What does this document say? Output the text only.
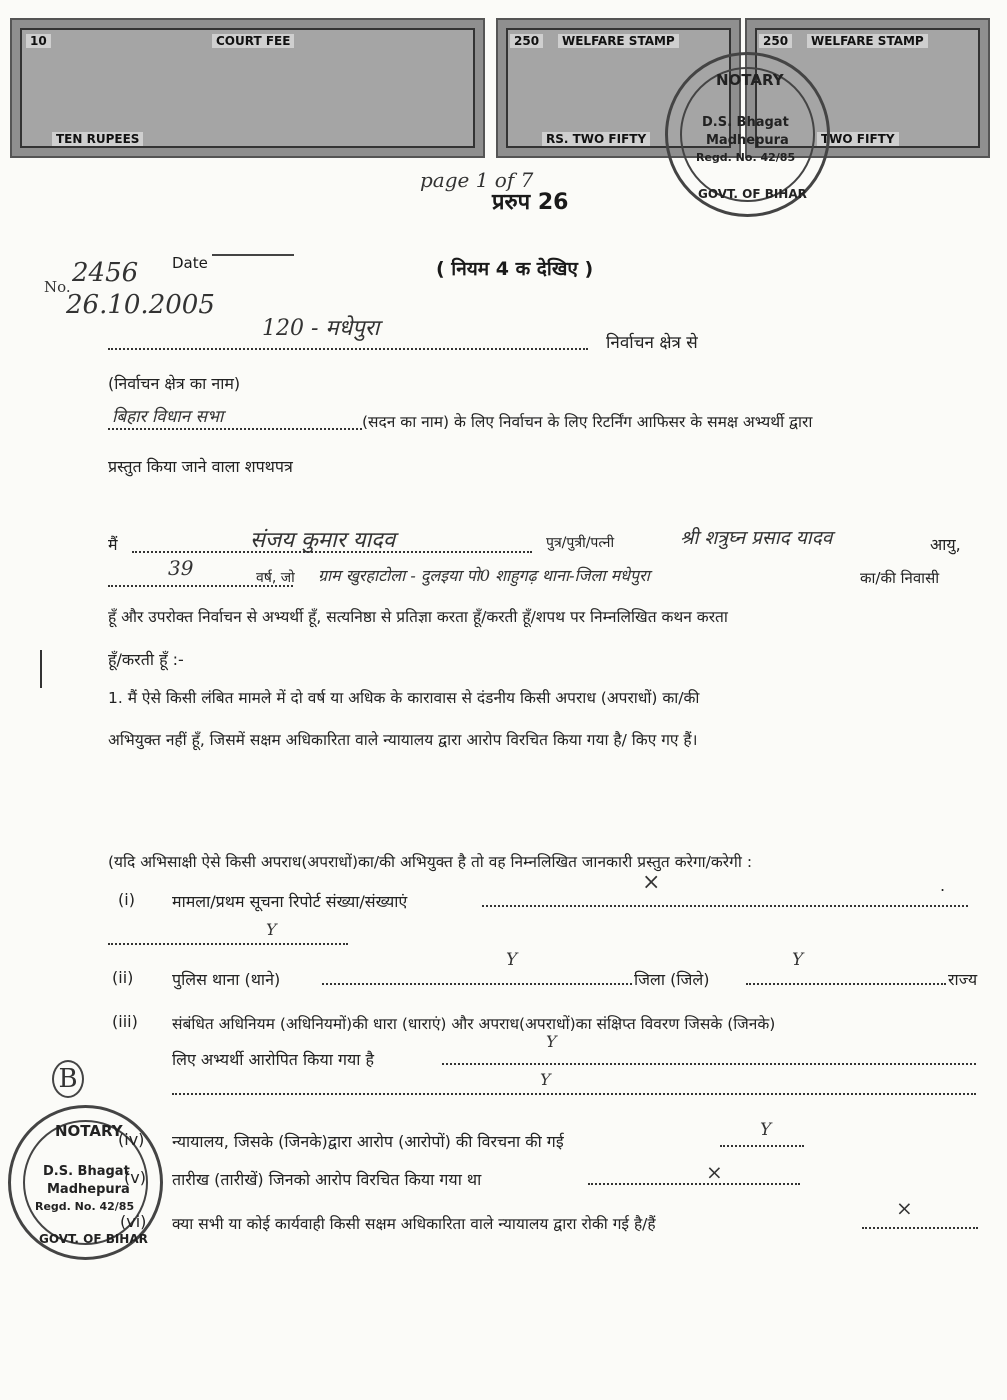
10	COURT FEE
TEN RUPEES
250	WELFARE STAMP
RS. TWO FIFTY
250	WELFARE STAMP
TWO FIFTY
NOTARY
D.S. Bhagat
Madhepura
Regd. No. 42/85
GOVT. OF BIHAR
NOTARY
D.S. Bhagat
Madhepura
Regd. No. 42/85
GOVT. OF BIHAR
page 1 of 7
प्ररुप 26
( नियम 4 क देखिए )
No. 2456 Date
26.10.2005
120 - मधेपुरा
निर्वाचन क्षेत्र से
(निर्वाचन क्षेत्र का नाम)
बिहार विधान सभा	(सदन का नाम) के लिए निर्वाचन के लिए रिटर्निंग आफिसर के समक्ष अभ्यर्थी द्वारा
प्रस्तुत किया जाने वाला शपथपत्र
मैं	संजय कुमार यादव	पुत्र/पुत्री/पत्नी	श्री शत्रुघ्न प्रसाद यादव	आयु,
39	वर्ष, जो ग्राम खुरहाटोला - दुलइया पो0 शाहुगढ़ थाना-जिला मधेपुरा	का/की निवासी
हूँ और उपरोक्त निर्वाचन से अभ्यर्थी हूँ, सत्यनिष्ठा से प्रतिज्ञा करता हूँ/करती हूँ/शपथ पर निम्नलिखित कथन करता
हूँ/करती हूँ :-
1. मैं ऐसे किसी लंबित मामले में दो वर्ष या अधिक के कारावास से दंडनीय किसी अपराध (अपराधों) का/की
अभियुक्त नहीं हूँ, जिसमें सक्षम अधिकारिता वाले न्यायालय द्वारा आरोप विरचित किया गया है/ किए गए हैं।
(यदि अभिसाक्षी ऐसे किसी अपराध(अपराधों)का/की अभियुक्त है तो वह निम्नलिखित जानकारी प्रस्तुत करेगा/करेगी :
(i) मामला/प्रथम सूचना रिपोर्ट संख्या/संख्याएं
×	.
Y
(ii) पुलिस थाना (थाने)
Y
जिला (जिले)
Y
राज्य
(iii) संबंधित अधिनियम (अधिनियमों)की धारा (धाराएं) और अपराध(अपराधों)का संक्षिप्त विवरण जिसके (जिनके)
लिए अभ्यर्थी आरोपित किया गया है
Y
Y
B
(iv) न्यायालय, जिसके (जिनके)द्वारा आरोप (आरोपों) की विरचना की गई
Y
(v) तारीख (तारीखें) जिनको आरोप विरचित किया गया था	×
(vi) क्या सभी या कोई कार्यवाही किसी सक्षम अधिकारिता वाले न्यायालय द्वारा रोकी गई है/हैं
×
